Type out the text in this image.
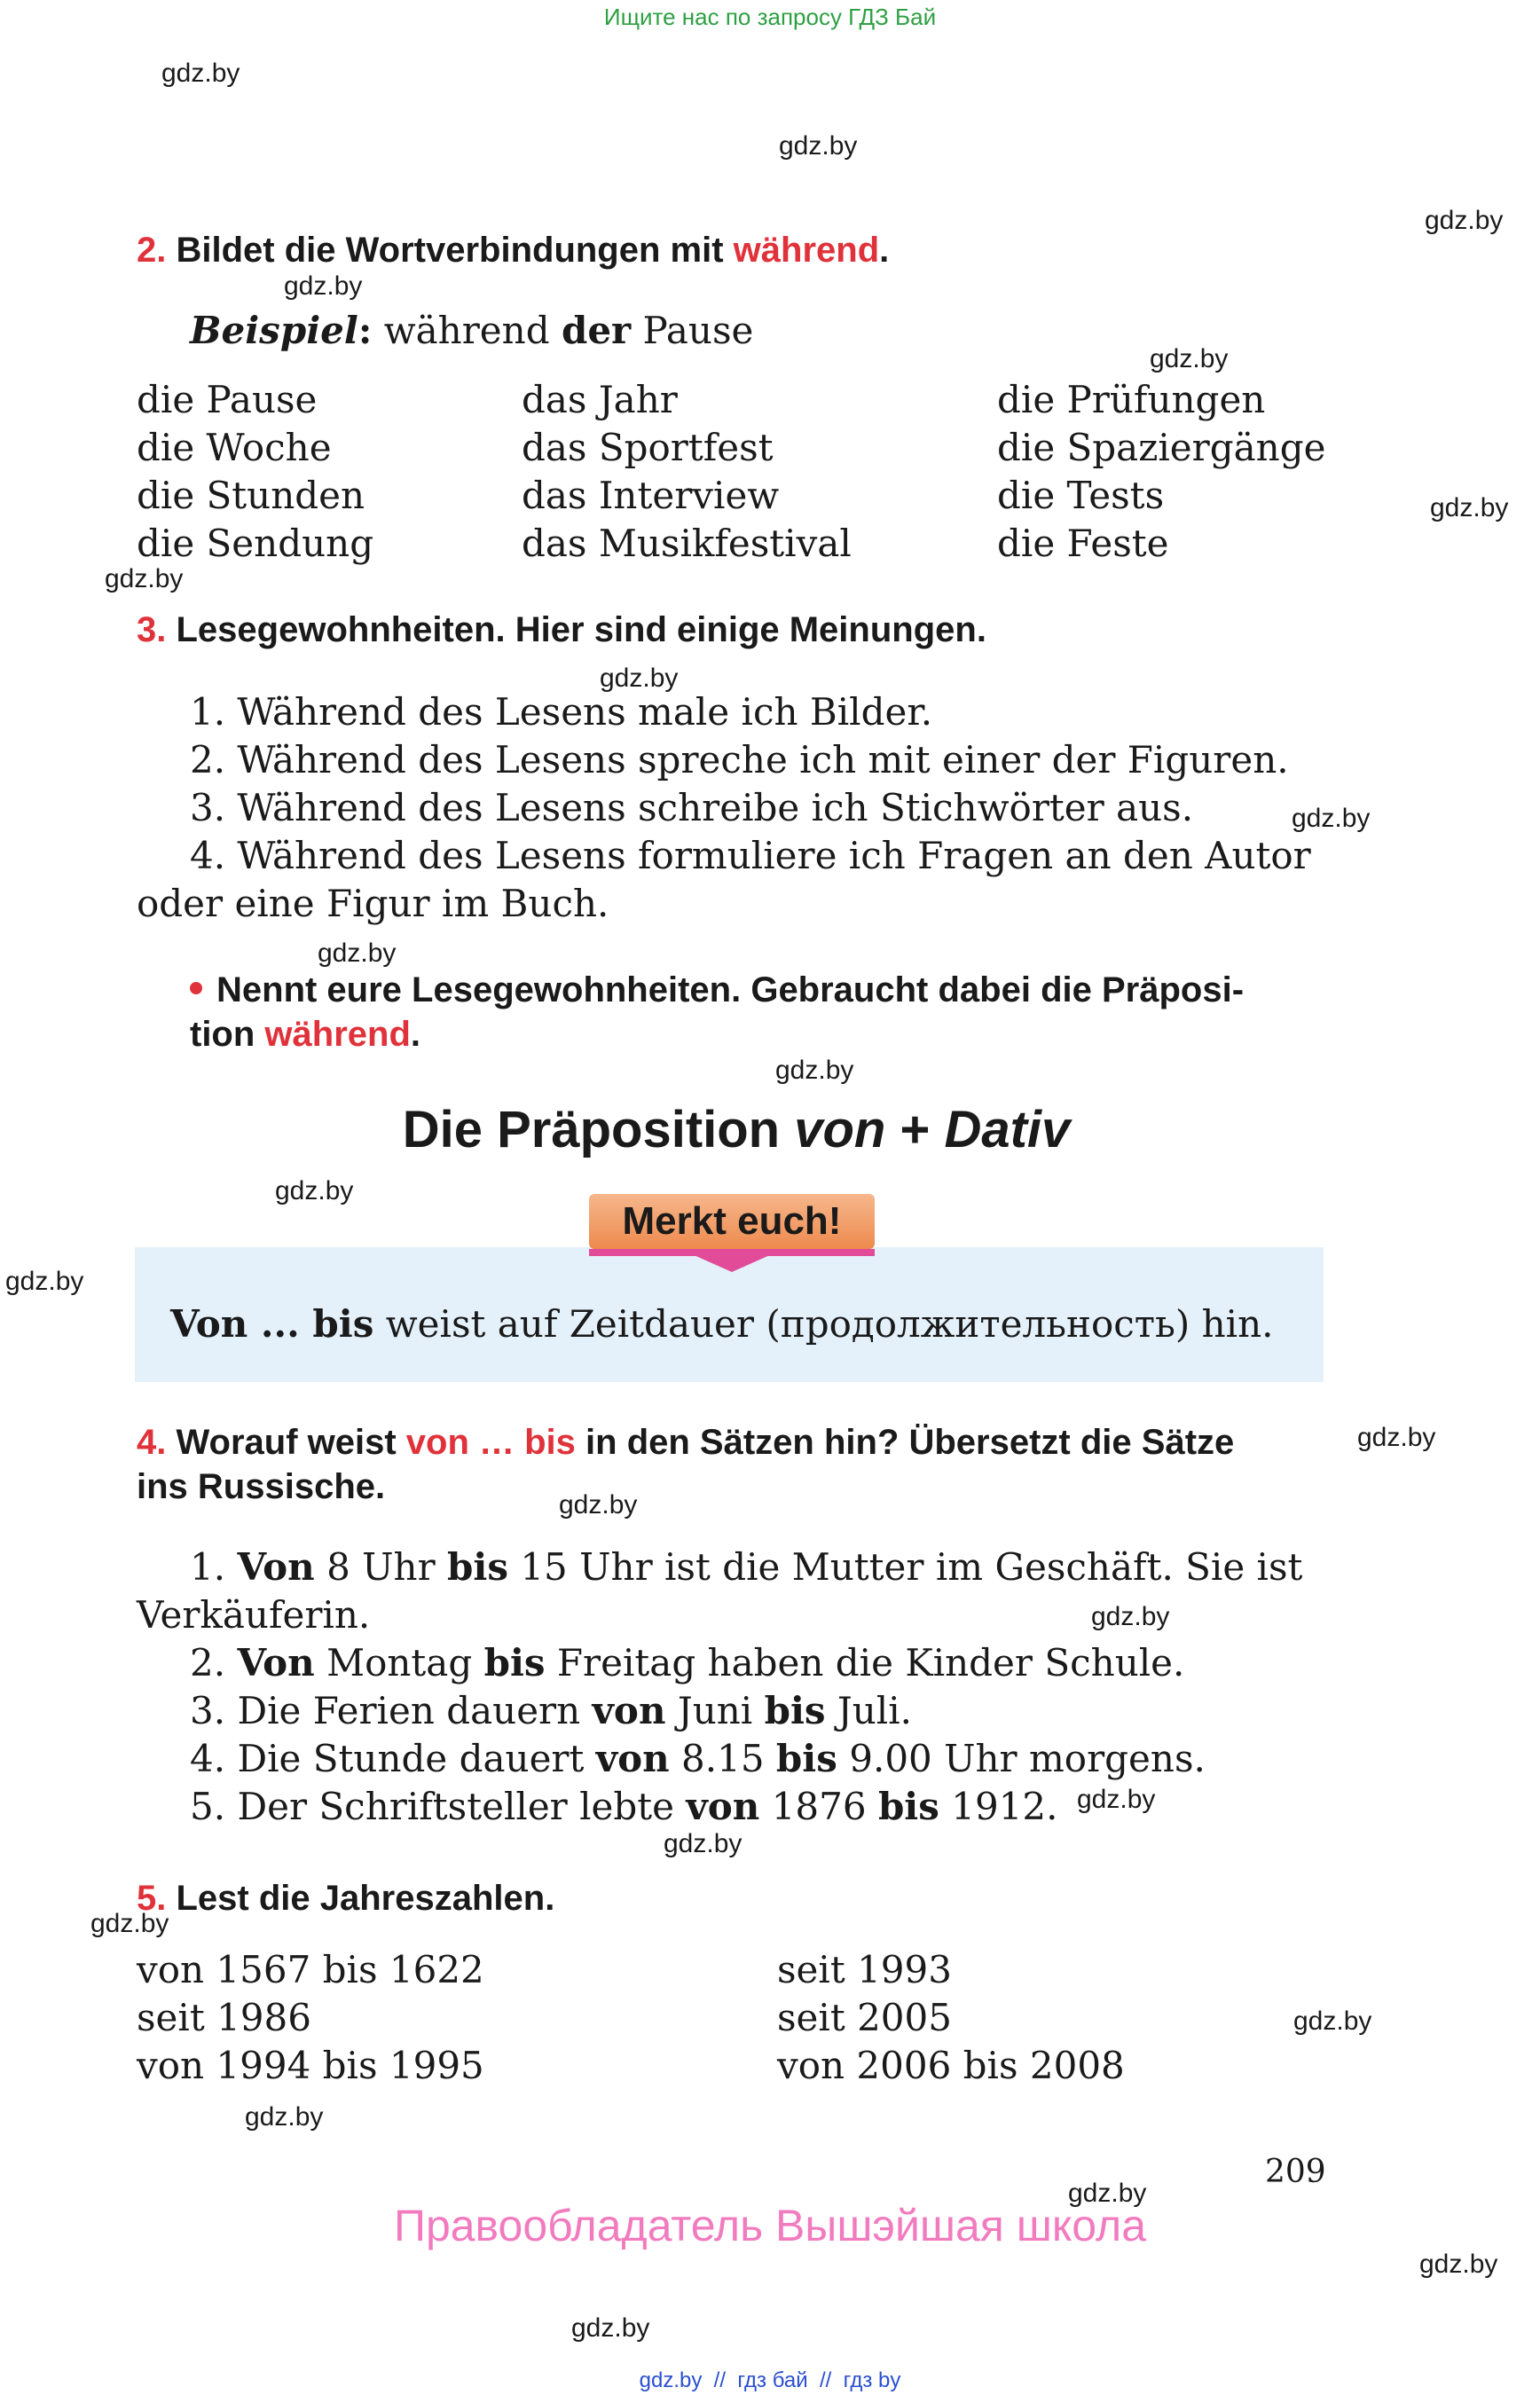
Ищите нас по запросу ГДЗ Бай
gdz.by
gdz.by
gdz.by
gdz.by
gdz.by
gdz.by
gdz.by
gdz.by
gdz.by
gdz.by
gdz.by
gdz.by
gdz.by
gdz.by
gdz.by
gdz.by
gdz.by
gdz.by
gdz.by
gdz.by
gdz.by
gdz.by
gdz.by
gdz.by
2. Bildet die Wortverbindungen mit während.
Beispiel: während der Pause
die Pause
die Woche
die Stunden
die Sendung
das Jahr
das Sportfest
das Interview
das Musikfestival
die Prüfungen
die Spaziergänge
die Tests
die Feste
3. Lesegewohnheiten. Hier sind einige Meinungen.
1. Während des Lesens male ich Bilder.
2. Während des Lesens spreche ich mit einer der Figuren.
3. Während des Lesens schreibe ich Stichwörter aus.
4. Während des Lesens formuliere ich Fragen an den Autor
oder eine Figur im Buch.
Nennt eure Lesegewohnheiten. Gebraucht dabei die Präposi-
tion während.
Die Präposition von + Dativ
Merkt euch!
Von ... bis weist auf Zeitdauer (продолжительность) hin.
4. Worauf weist von … bis in den Sätzen hin? Übersetzt die Sätze
ins Russische.
1. Von 8 Uhr bis 15 Uhr ist die Mutter im Geschäft. Sie ist
Verkäuferin.
2. Von Montag bis Freitag haben die Kinder Schule.
3. Die Ferien dauern von Juni bis Juli.
4. Die Stunde dauert von 8.15 bis 9.00 Uhr morgens.
5. Der Schriftsteller lebte von 1876 bis 1912.
5. Lest die Jahreszahlen.
von 1567 bis 1622
seit 1986
von 1994 bis 1995
seit 1993
seit 2005
von 2006 bis 2008
209
Правообладатель Вышэйшая школа
gdz.by  //  гдз бай  //  гдз by
